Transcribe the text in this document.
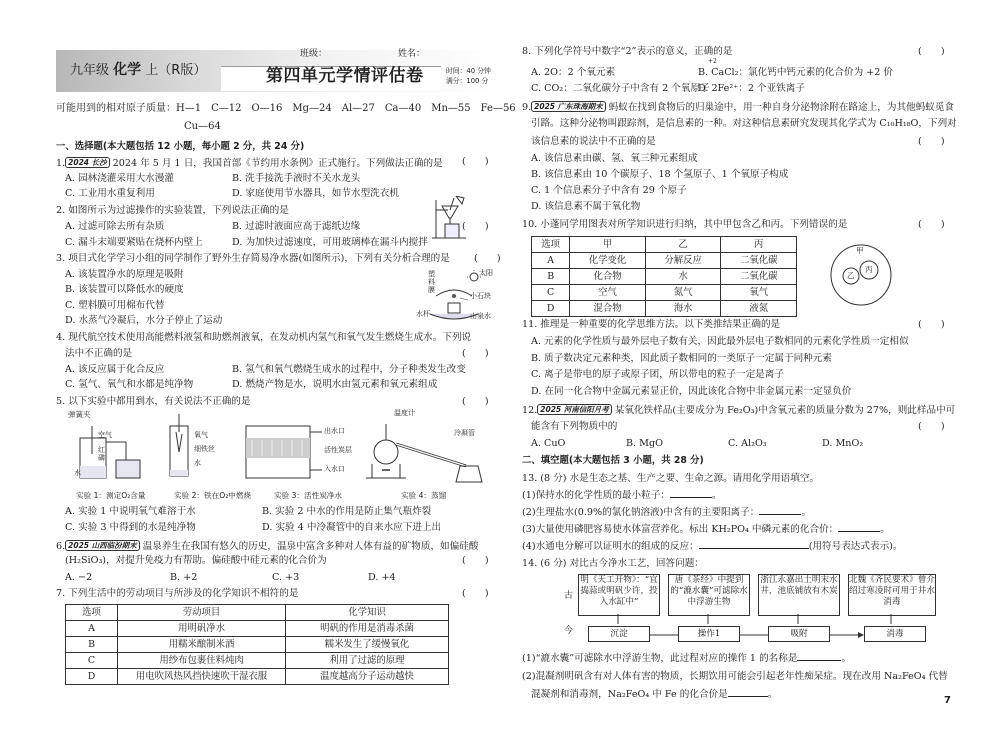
九年级 化学 上（R版）
班级：	姓名：
第四单元学情评估卷	时间：40 分钟
满分：100 分
可能用到的相对原子质量：H—1　C—12　O—16　Mg—24　Al—27　Ca—40　Mn—55　Fe—56
Cu—64
一、选择题(本大题包括 12 小题，每小题 2 分，共 24 分)
1. 2024 长沙 2024 年 5 月 1 日，我国首部《节约用水条例》正式施行。下列做法正确的是 (　　)
A. 园林浇灌采用大水漫灌	B. 洗手接洗手液时不关水龙头
C. 工业用水重复利用	D. 家庭使用节水器具，如节水型洗衣机
2. 如图所示为过滤操作的实验装置，下列说法正确的是
(　　)
A. 过滤可除去所有杂质	B. 过滤时液面应高于滤纸边缘
C. 漏斗末端要紧贴在烧杯内壁上	D. 为加快过滤速度，可用玻璃棒在漏斗内搅拌
3. 项目式化学学习小组的同学制作了野外生存简易净水器(如图所示)，下列有关分析合理的是	(　　)
A. 该装置净水的原理是吸附
B. 该装置可以降低水的硬度
C. 塑料膜可用棉布代替
D. 水蒸气冷凝后，水分子停止了运动
塑
料
膜
太阳
小石块
水杯	山泉水
4. 现代航空技术使用高能燃料液氢和助燃剂液氧，在发动机内氢气和氧气发生燃烧生成水。下列说
法中不正确的是	(　　)
A. 该反应属于化合反应	B. 氢气和氧气燃烧生成水的过程中，分子种类发生改变
C. 氢气、氧气和水都是纯净物	D. 燃烧产物是水，说明水由氢元素和氧元素组成
5. 以下实验中都用到水，有关说法不正确的是	(　　)
弹簧夹
空气
红
磷
水
氧气
细铁丝
水
出水口
活性炭层
入水口
温度计
冷凝管
实验 1：测定O₂含量	实验 2：铁在O₂中燃烧	实验 3：活性炭净水	实验 4：蒸馏
A. 实验 1 中说明氧气难溶于水	B. 实验 2 中水的作用是防止集气瓶炸裂
C. 实验 3 中得到的水是纯净物	D. 实验 4 中冷凝管中的自来水应下进上出
6. 2025 山西临汾期末 温泉养生在我国有悠久的历史，温泉中富含多种对人体有益的矿物质，如偏硅酸
(H₂SiO₃)，对提升免疫力有帮助。偏硅酸中硅元素的化合价为	(　　)
A. −2	B. +2	C. +3	D. +4
7. 下列生活中的劳动项目与所涉及的化学知识不相符的是	(　　)
选项	劳动项目	化学知识
A	用明矾净水	明矾的作用是消毒杀菌
B	用糯米酿制米酒	糯米发生了缓慢氧化
C	用纱布包裹住料炖肉	利用了过滤的原理
D	用电吹风热风挡快速吹干湿衣服	温度越高分子运动越快
8. 下列化学符号中数字“2”表示的意义，正确的是	(　　)
A. 2O：2 个氧元素
+2
B. CaCl₂：氯化钙中钙元素的化合价为 +2 价
C. CO₂：二氧化碳分子中含有 2 个氧原子
D. 2Fe²⁺：2 个亚铁离子
9. 2025 广东珠海期末 蚂蚁在找到食物后的归巢途中，用一种自身分泌物涂附在路途上，为其他蚂蚁觅食
引路。这种分泌物叫跟踪剂，是信息素的一种。对这种信息素研究发现其化学式为 C₁₀H₁₈O，下列对
该信息素的说法中不正确的是	(　　)
A. 该信息素由碳、氢、氧三种元素组成
B. 该信息素由 10 个碳原子、18 个氢原子、1 个氧原子构成
C. 1 个信息素分子中含有 29 个原子
D. 该信息素不属于氧化物
10. 小蓬同学用图表对所学知识进行归纳，其中甲包含乙和丙。下列错误的是	(　　)
选项	甲	乙	丙
A	化学变化	分解反应	二氧化碳
B	化合物	水	二氧化碳
C	空气	氮气	氧气
D	混合物	海水	液氮
甲
乙
丙
11. 推理是一种重要的化学思维方法。以下类推结果正确的是	(　　)
A. 元素的化学性质与最外层电子数有关，因此最外层电子数相同的元素化学性质一定相似
B. 质子数决定元素种类，因此质子数相同的一类原子一定属于同种元素
C. 离子是带电的原子或原子团，所以带电的粒子一定是离子
D. 在同一化合物中金属元素显正价，因此该化合物中非金属元素一定显负价
12. 2025 河南信阳月考 某氧化铁样品(主要成分为 Fe₂O₃)中含氧元素的质量分数为 27%，则此样品中可
能含有下列物质中的	(　　)
A. CuO	B. MgO	C. Al₂O₃	D. MnO₂
二、填空题(本大题包括 3 小题，共 28 分)
13. (8 分) 水是生态之基、生产之要、生命之源。请用化学用语填空。
(1)保持水的化学性质的最小粒子：	。
(2)生理盐水(0.9%的氯化钠溶液)中含有的主要阳离子：	。
(3)大量使用磷肥容易使水体富营养化。标出 KH₂PO₄ 中磷元素的化合价：	。
(4)水通电分解可以证明水的组成的反应：	(用符号表达式表示)。
14. (6 分) 对比古今净水工艺，回答问题：
古
今
明《天工开物》：“宜捣蒜或明矾少许，投入水缸中”
唐《茶经》中提到的“漉水囊”可滤除水中浮游生物
浙江永嘉出土明末水井，池底铺放有木炭
北魏《齐民要术》曾介绍过寒凌时可用于井水消毒
沉淀	操作1	吸附	消毒
(1)“漉水囊”可滤除水中浮游生物，此过程对应的操作 1 的名称是	。
(2)混凝剂明矾含有对人体有害的物质，长期饮用可能会引起老年性痴呆症。现在改用 Na₂FeO₄ 代替
混凝剂和消毒剂，Na₂FeO₄ 中 Fe 的化合价是	。
7
